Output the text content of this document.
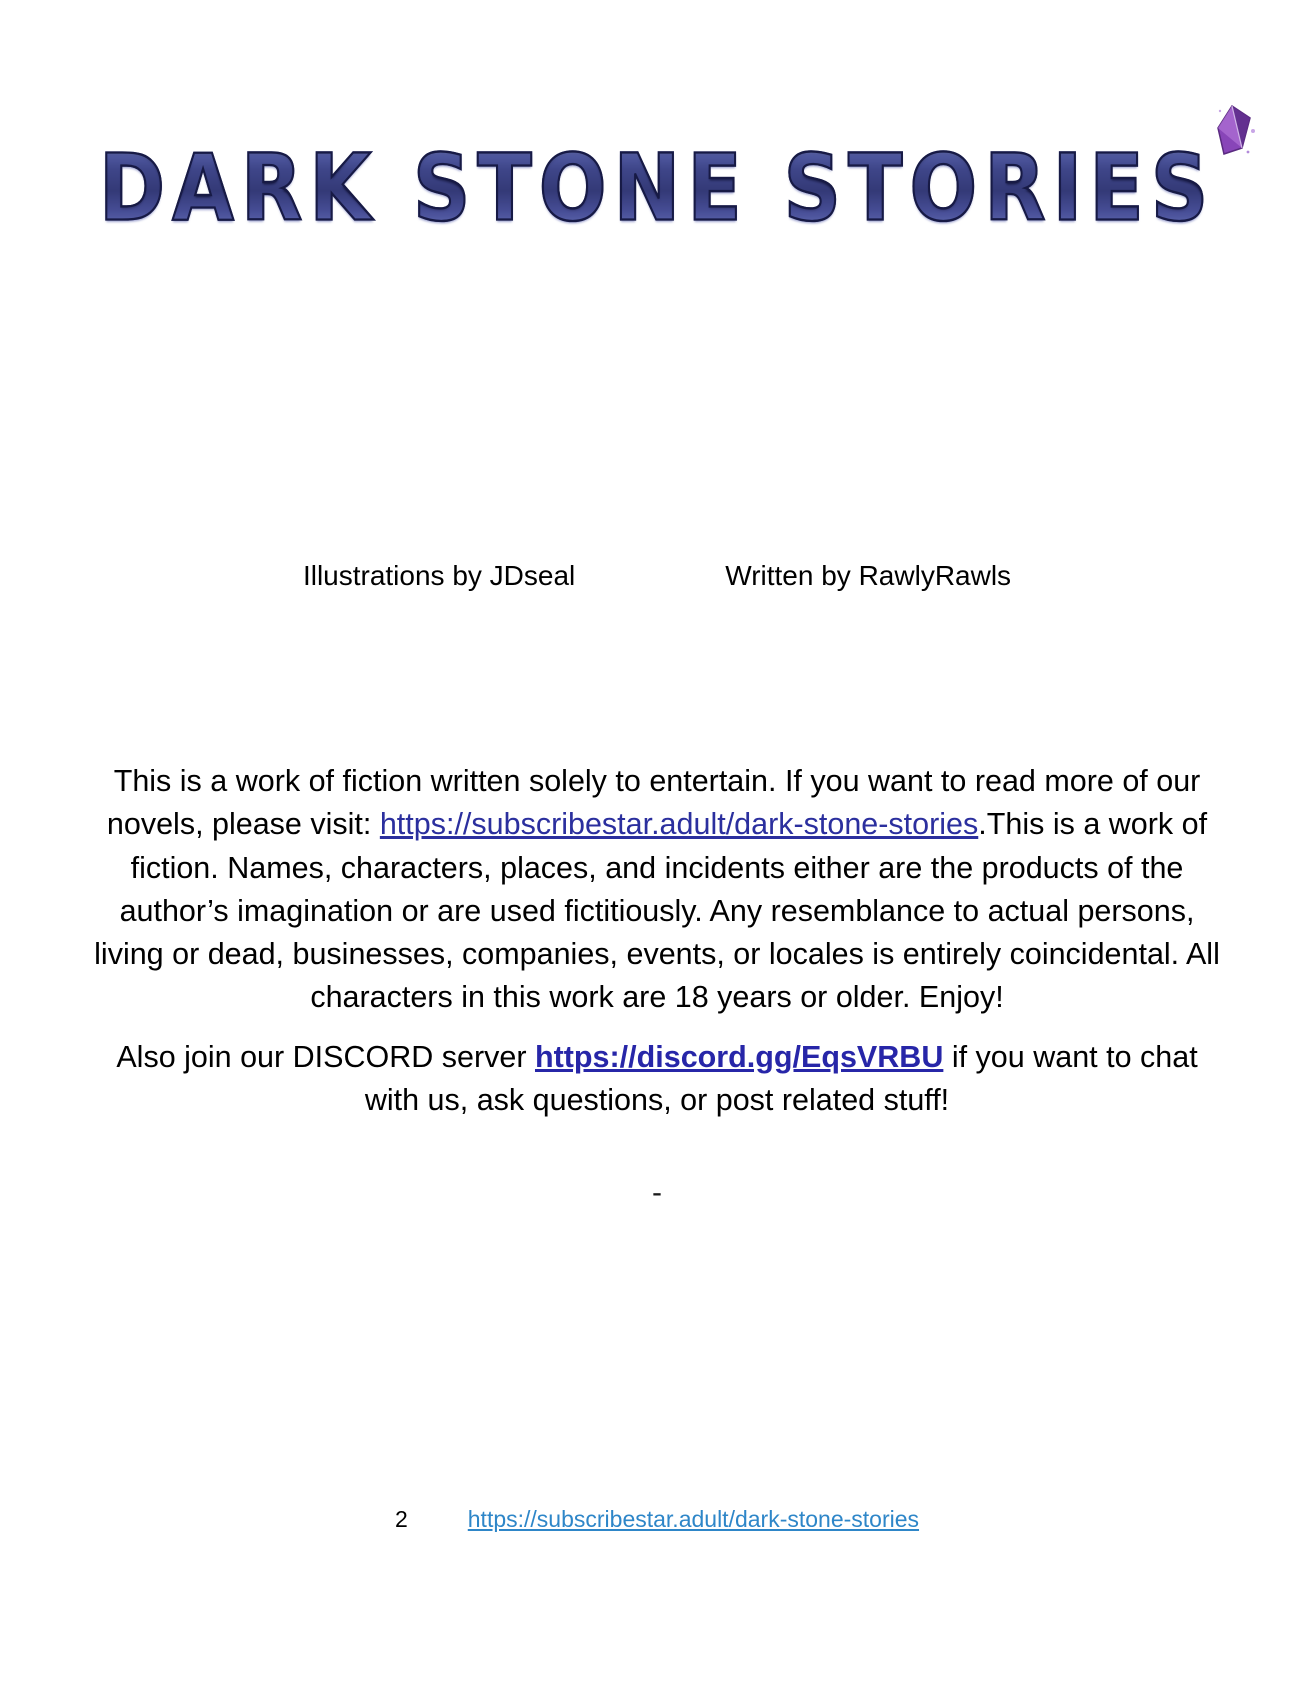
DARK STONE STORIES
Illustrations by JDseal	Written by RawlyRawls

This is a work of fiction written solely to entertain. If you want to read more of our novels, please visit: https://subscribestar.adult/dark-stone-stories.This is a work of fiction. Names, characters, places, and incidents either are the products of the author’s imagination or are used fictitiously. Any resemblance to actual persons, living or dead, businesses, companies, events, or locales is entirely coincidental. All characters in this work are 18 years or older. Enjoy!

Also join our DISCORD server https://discord.gg/EqsVRBU if you want to chat with us, ask questions, or post related stuff!

-
2	https://subscribestar.adult/dark-stone-stories
